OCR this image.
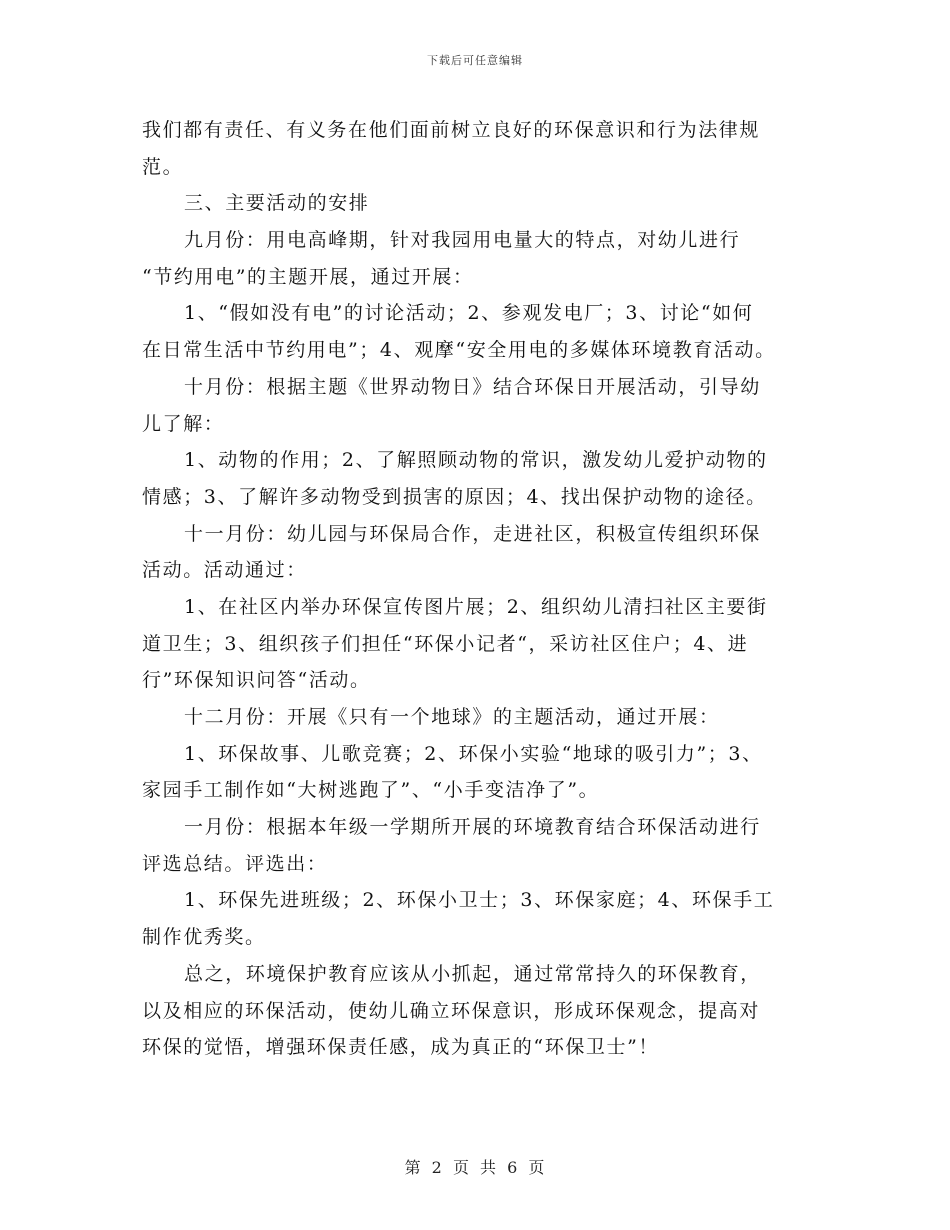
下载后可任意编辑
我们都有责任、有义务在他们面前树立良好的环保意识和行为法律规
范。
三、主要活动的安排
九月份：用电高峰期，针对我园用电量大的特点，对幼儿进行
“节约用电”的主题开展，通过开展：
1、“假如没有电”的讨论活动；2、参观发电厂；3、讨论“如何
在日常生活中节约用电”；4、观摩“安全用电的多媒体环境教育活动。
十月份：根据主题《世界动物日》结合环保日开展活动，引导幼
儿了解：
1、动物的作用；2、了解照顾动物的常识，激发幼儿爱护动物的
情感；3、了解许多动物受到损害的原因；4、找出保护动物的途径。
十一月份：幼儿园与环保局合作，走进社区，积极宣传组织环保
活动。活动通过：
1、在社区内举办环保宣传图片展；2、组织幼儿清扫社区主要街
道卫生；3、组织孩子们担任“环保小记者“，采访社区住户；4、进
行”环保知识问答“活动。
十二月份：开展《只有一个地球》的主题活动，通过开展：
1、环保故事、儿歌竞赛；2、环保小实验“地球的吸引力”；3、
家园手工制作如“大树逃跑了”、“小手变洁净了”。
一月份：根据本年级一学期所开展的环境教育结合环保活动进行
评选总结。评选出：
1、环保先进班级；2、环保小卫士；3、环保家庭；4、环保手工
制作优秀奖。
总之，环境保护教育应该从小抓起，通过常常持久的环保教育，
以及相应的环保活动，使幼儿确立环保意识，形成环保观念，提高对
环保的觉悟，增强环保责任感，成为真正的“环保卫士”！
第 2 页 共 6 页
